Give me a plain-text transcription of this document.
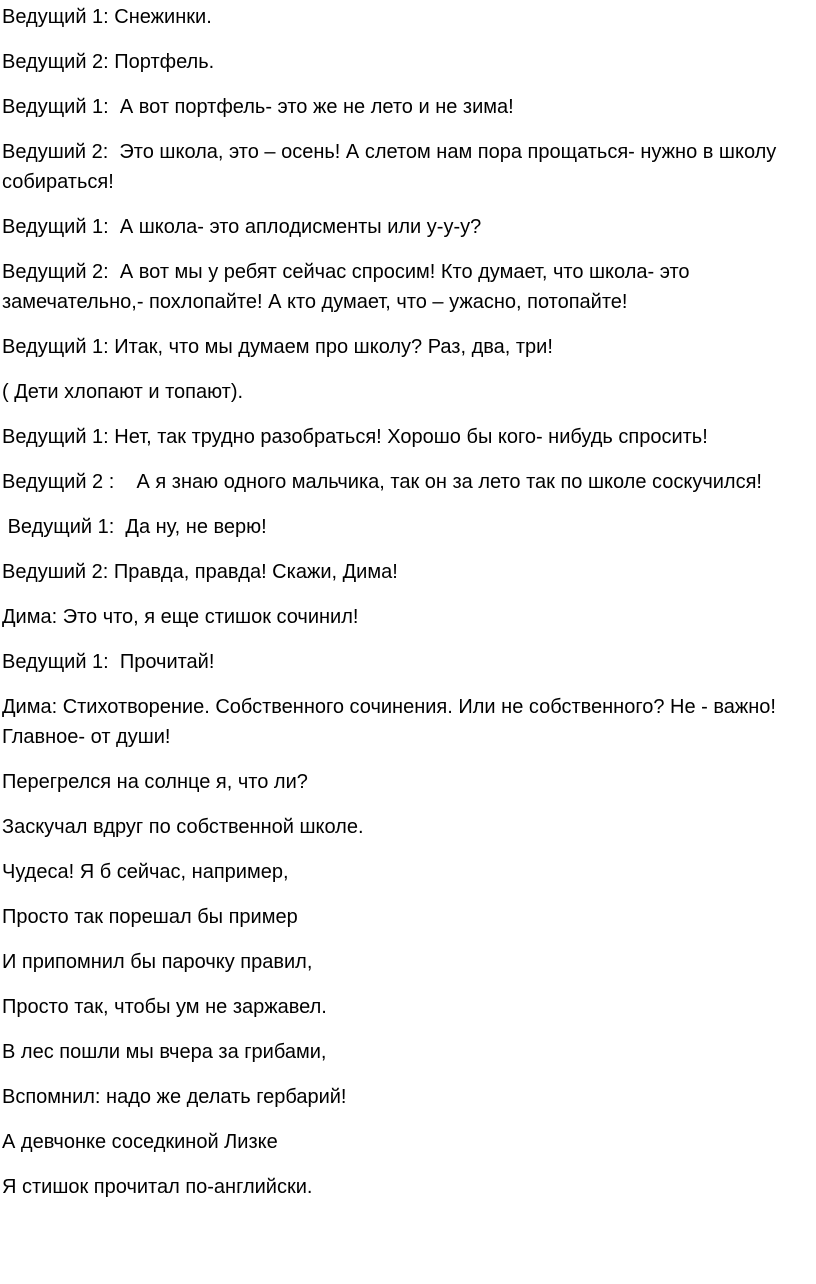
Ведущий 1: Снежинки.

Ведущий 2: Портфель.

Ведущий 1:  А вот портфель- это же не лето и не зима!

Ведуший 2:  Это школа, это – осень! А слетом нам пора прощаться- нужно в школу собираться!

Ведущий 1:  А школа- это аплодисменты или у-у-у?

Ведущий 2:  А вот мы у ребят сейчас спросим! Кто думает, что школа- это замечательно,- похлопайте! А кто думает, что – ужасно, потопайте!

Ведущий 1: Итак, что мы думаем про школу? Раз, два, три!

( Дети хлопают и топают).

Ведущий 1: Нет, так трудно разобраться! Хорошо бы кого- нибудь спросить!

Ведущий 2 :    А я знаю одного мальчика, так он за лето так по школе соскучился!

Ведущий 1:  Да ну, не верю!

Ведуший 2: Правда, правда! Скажи, Дима!

Дима: Это что, я еще стишок сочинил!

Ведущий 1:  Прочитай!

Дима: Стихотворение. Собственного сочинения. Или не собственного? Не - важно! Главное- от души!

Перегрелся на солнце я, что ли?

Заскучал вдруг по собственной школе.

Чудеса! Я б сейчас, например,

Просто так порешал бы пример

И припомнил бы парочку правил,

Просто так, чтобы ум не заржавел.

В лес пошли мы вчера за грибами,

Вспомнил: надо же делать гербарий!

А девчонке соседкиной Лизке

Я стишок прочитал по-английски.
